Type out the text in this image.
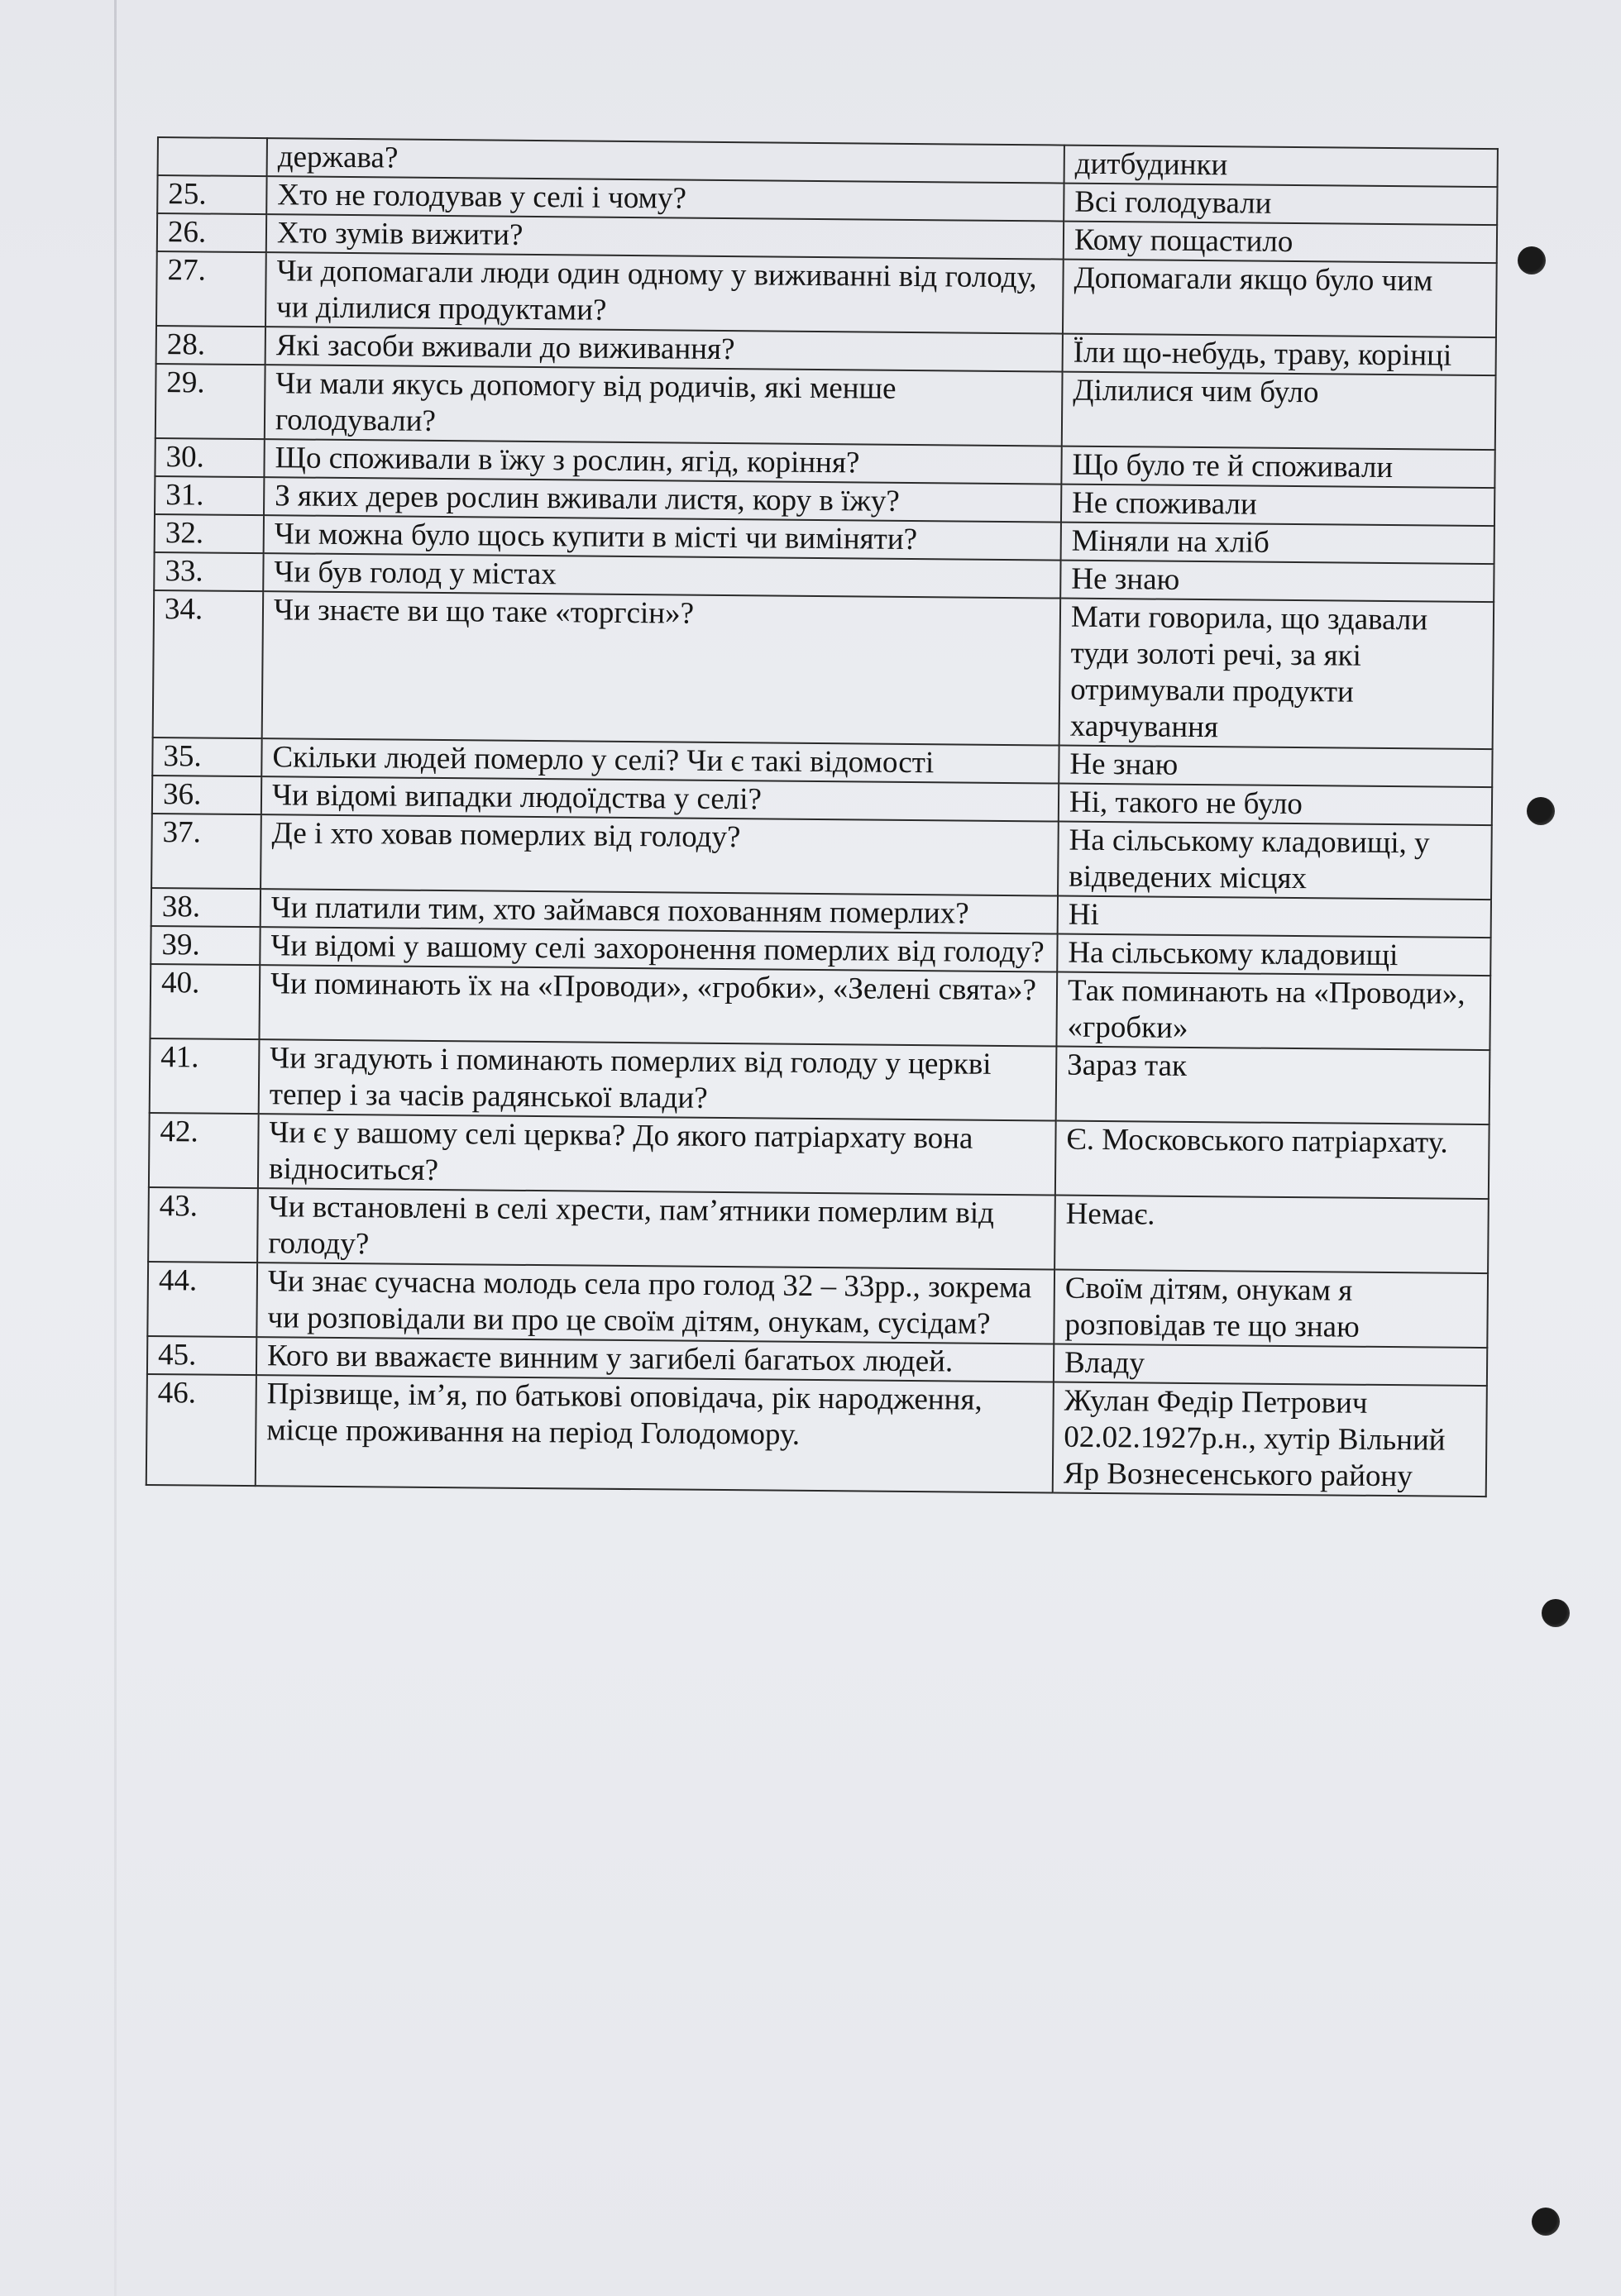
	держава?	дитбудинки
25.	Хто не голодував у селі і чому?	Всі голодували
26.	Хто зумів вижити?	Кому пощастило
27.	Чи допомагали люди один одному у виживанні від голоду, чи ділилися продуктами?	Допомагали якщо було чим
28.	Які засоби вживали до виживання?	Їли що-небудь, траву, корінці
29.	Чи мали якусь допомогу від родичів, які менше голодували?	Ділилися чим було
30.	Що споживали в їжу з рослин, ягід, коріння?	Що було те й споживали
31.	З яких дерев рослин вживали листя, кору в їжу?	Не споживали
32.	Чи можна було щось купити в місті чи виміняти?	Міняли на хліб
33.	Чи був голод у містах	Не знаю
34.	Чи знаєте ви що таке «торгсін»?	Мати говорила, що здавали туди золоті речі, за які отримували продукти харчування
35.	Скільки людей померло у селі? Чи є такі відомості	Не знаю
36.	Чи відомі випадки людоїдства у селі?	Ні, такого не було
37.	Де і хто ховав померлих від голоду?	На сільському кладовищі, у відведених місцях
38.	Чи платили тим, хто займався похованням померлих?	Ні
39.	Чи відомі у вашому селі захоронення померлих від голоду?	На сільському кладовищі
40.	Чи поминають їх на «Проводи», «гробки», «Зелені свята»?	Так поминають на «Проводи», «гробки»
41.	Чи згадують і поминають померлих від голоду у церкві тепер і за часів радянської влади?	Зараз так
42.	Чи є у вашому селі церква? До якого патріархату вона відноситься?	Є. Московського патріархату.
43.	Чи встановлені в селі хрести, пам’ятники померлим від голоду?	Немає.
44.	Чи знає сучасна молодь села про голод 32 – 33рр., зокрема чи розповідали ви про це своїм дітям, онукам, сусідам?	Своїм дітям, онукам я розповідав те що знаю
45.	Кого ви вважаєте винним у загибелі багатьох людей.	Владу
46.	Прізвище, ім’я, по батькові оповідача, рік народження, місце проживання на період Голодомору.	Жулан Федір Петрович 02.02.1927р.н., хутір Вільний Яр Вознесенського району
